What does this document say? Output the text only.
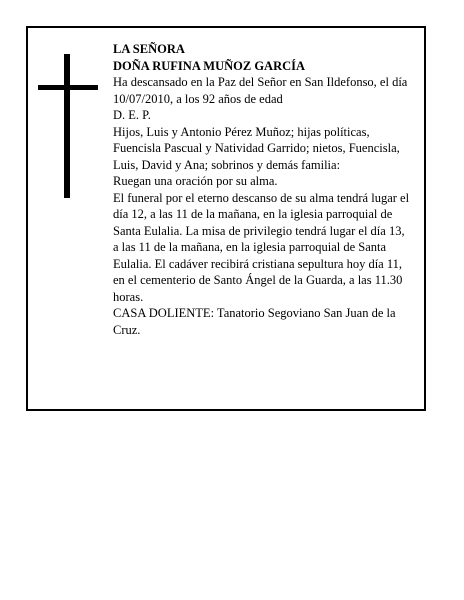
LA SEÑORA

DOÑA RUFINA MUÑOZ GARCÍA

Ha descansado en la Paz del Señor en San Ildefonso, el día 10/07/2010, a los 92 años de edad

D. E. P.

Hijos, Luis y Antonio Pérez Muñoz; hijas políticas, Fuencisla Pascual y Natividad Garrido; nietos, Fuencisla, Luis, David y Ana; sobrinos y demás familia:

Ruegan una oración por su alma.

El funeral por el eterno descanso de su alma tendrá lugar el día 12, a las 11 de la mañana, en la iglesia parroquial de Santa Eulalia. La misa de privilegio tendrá lugar el día 13, a las 11 de la mañana, en la iglesia parroquial de Santa Eulalia. El cadáver recibirá cristiana sepultura hoy día 11, en el cementerio de Santo Ángel de la Guarda, a las 11.30 horas.

CASA DOLIENTE: Tanatorio Segoviano San Juan de la Cruz.
